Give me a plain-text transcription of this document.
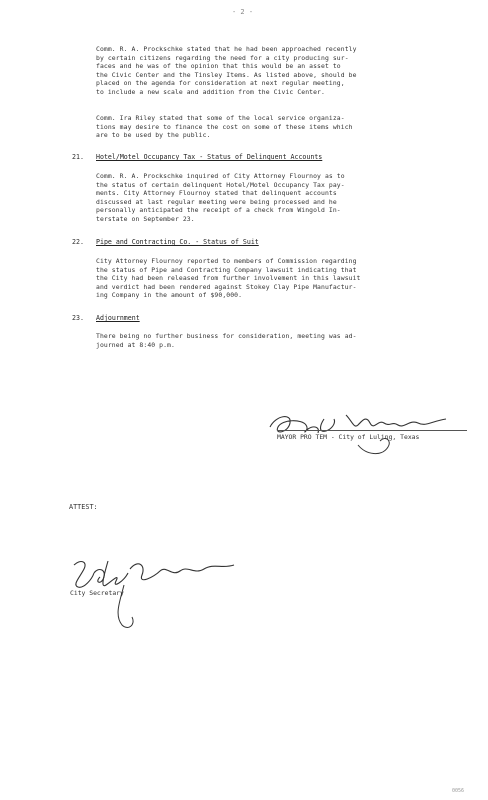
- 2 -
Comm. R. A. Prockschke stated that he had been approached recently
by certain citizens regarding the need for a city producing sur-
faces and he was of the opinion that this would be an asset to
the Civic Center and the Tinsley Items. As listed above, should be
placed on the agenda for consideration at next regular meeting,
to include a new scale and addition from the Civic Center.
Comm. Ira Riley stated that some of the local service organiza-
tions may desire to finance the cost on some of these items which
are to be used by the public.
21. Hotel/Motel Occupancy Tax - Status of Delinquent Accounts
Comm. R. A. Prockschke inquired of City Attorney Flournoy as to
the status of certain delinquent Hotel/Motel Occupancy Tax pay-
ments. City Attorney Flournoy stated that delinquent accounts
discussed at last regular meeting were being processed and he
personally anticipated the receipt of a check from Wingold In-
terstate on September 23.
22. Pipe and Contracting Co. - Status of Suit
City Attorney Flournoy reported to members of Commission regarding
the status of Pipe and Contracting Company lawsuit indicating that
the City had been released from further involvement in this lawsuit
and verdict had been rendered against Stokey Clay Pipe Manufactur-
ing Company in the amount of $90,000.
23. Adjournment
There being no further business for consideration, meeting was ad-
journed at 8:40 p.m.
MAYOR PRO TEM - City of Luling, Texas
ATTEST:
City Secretary
0056
